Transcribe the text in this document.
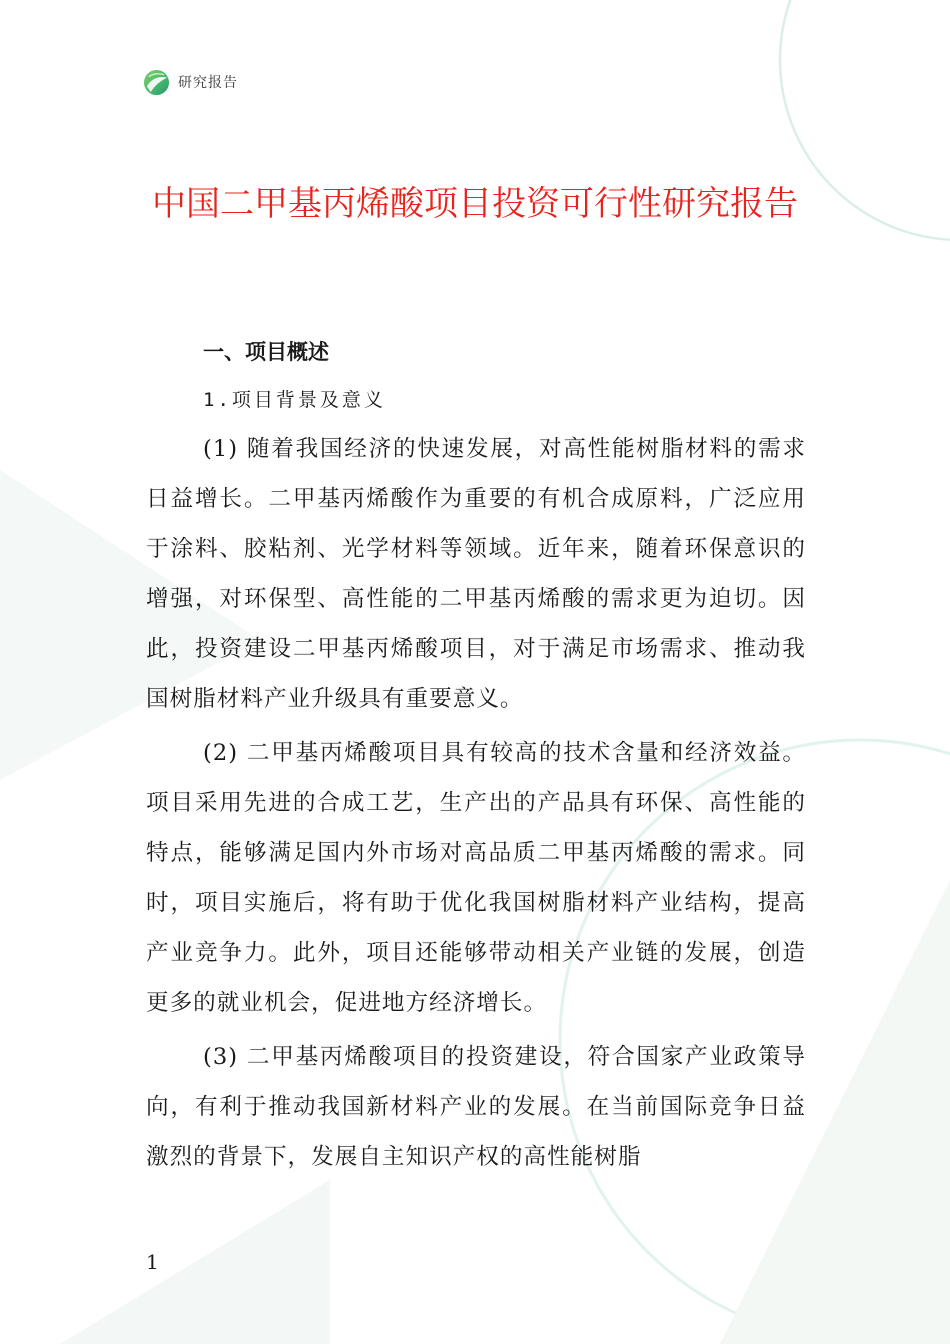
研究报告
中国二甲基丙烯酸项目投资可行性研究报告
一、项目概述
1.项目背景及意义

(1) 随着我国经济的快速发展，对高性能树脂材料的需求日益增长。二甲基丙烯酸作为重要的有机合成原料，广泛应用于涂料、胶粘剂、光学材料等领域。近年来，随着环保意识的增强，对环保型、高性能的二甲基丙烯酸的需求更为迫切。因此，投资建设二甲基丙烯酸项目，对于满足市场需求、推动我国树脂材料产业升级具有重要意义。

(2) 二甲基丙烯酸项目具有较高的技术含量和经济效益。项目采用先进的合成工艺，生产出的产品具有环保、高性能的特点，能够满足国内外市场对高品质二甲基丙烯酸的需求。同时，项目实施后，将有助于优化我国树脂材料产业结构，提高产业竞争力。此外，项目还能够带动相关产业链的发展，创造更多的就业机会，促进地方经济增长。

(3) 二甲基丙烯酸项目的投资建设，符合国家产业政策导向，有利于推动我国新材料产业的发展。在当前国际竞争日益激烈的背景下，发展自主知识产权的高性能树脂

1
